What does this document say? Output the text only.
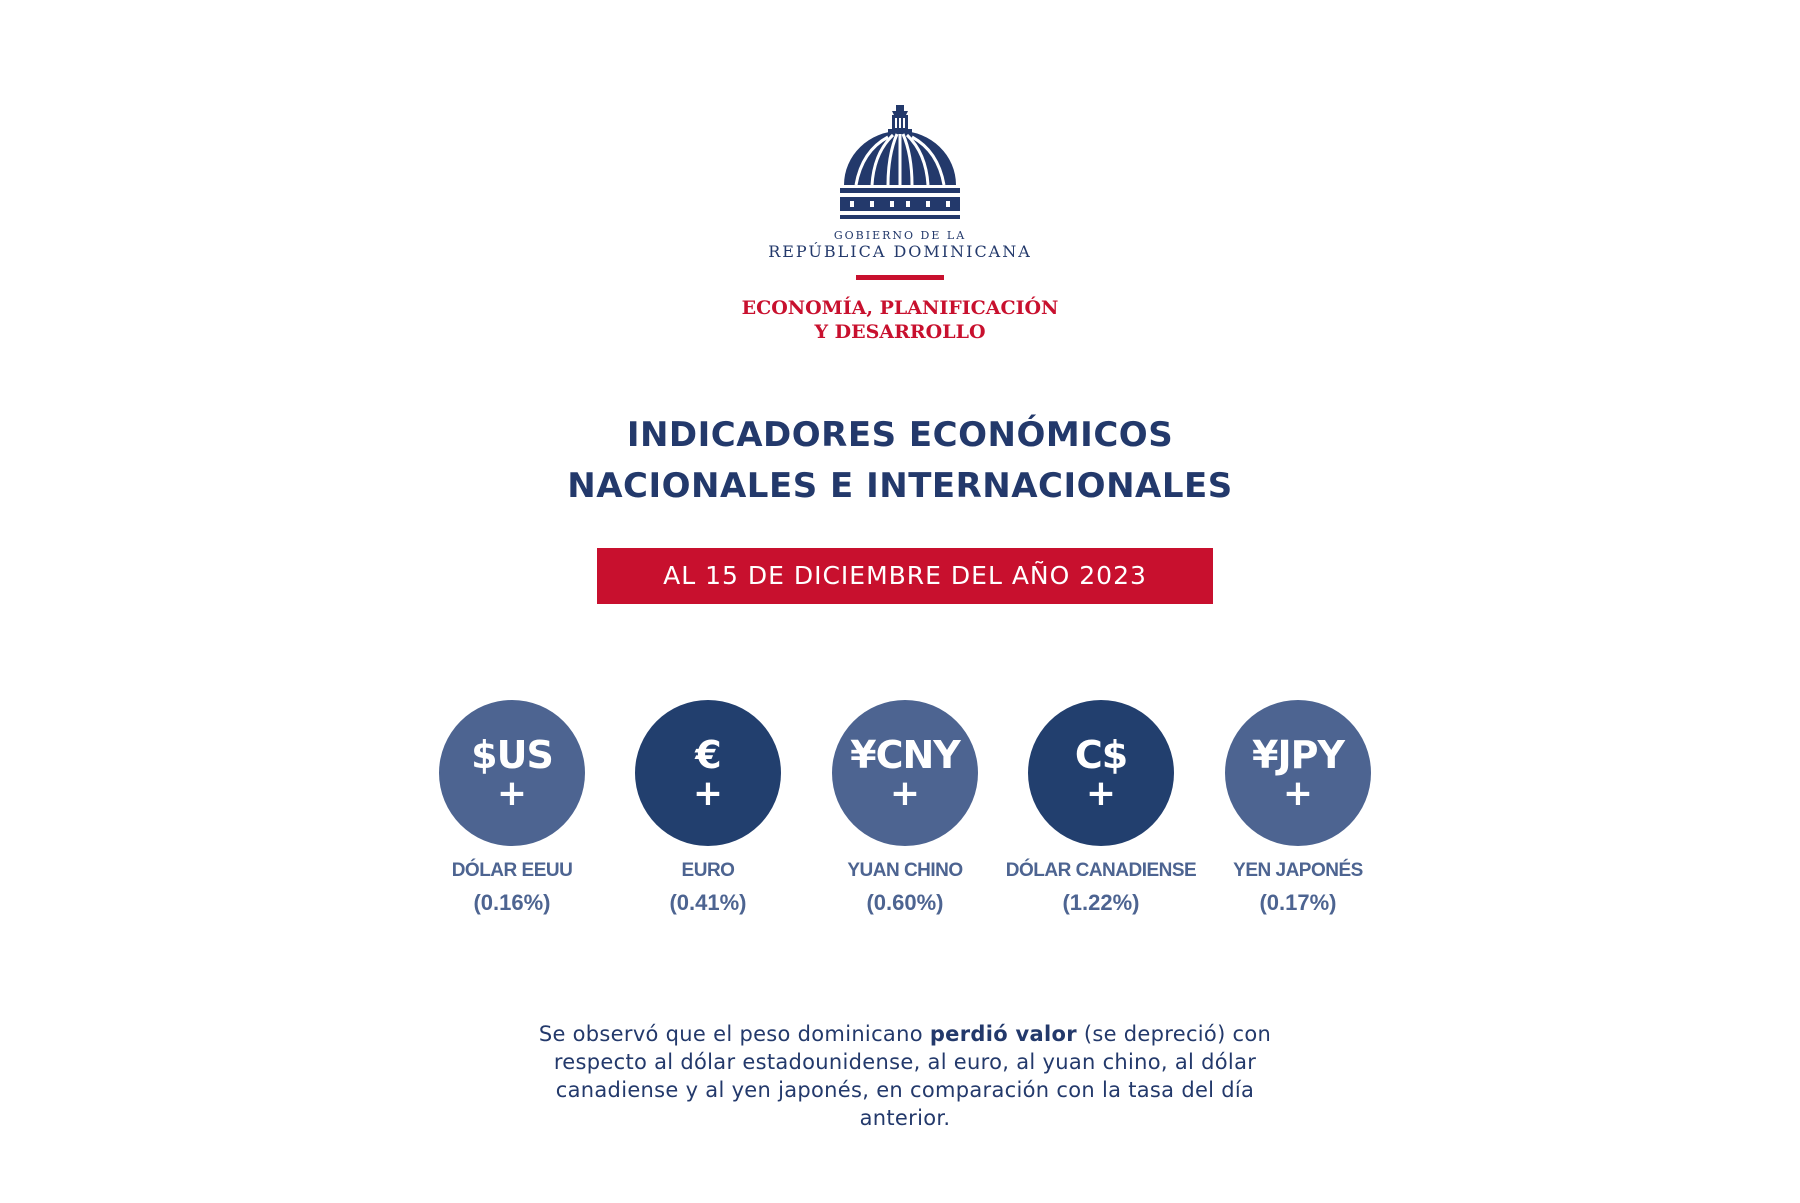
GOBIERNO DE LA
REPÚBLICA DOMINICANA
ECONOMÍA, PLANIFICACIÓN
Y DESARROLLO
INDICADORES ECONÓMICOS
NACIONALES E INTERNACIONALES
AL 15 DE DICIEMBRE DEL AÑO 2023
$US
+
DÓLAR EEUU
(0.16%)
€
+
EURO
(0.41%)
¥CNY
+
YUAN CHINO
(0.60%)
C$
+
DÓLAR CANADIENSE
(1.22%)
¥JPY
+
YEN JAPONÉS
(0.17%)
Se observó que el peso dominicano perdió valor (se depreció) con respecto al dólar estadounidense, al euro, al yuan chino, al dólar canadiense y al yen japonés, en comparación con la tasa del día anterior.
